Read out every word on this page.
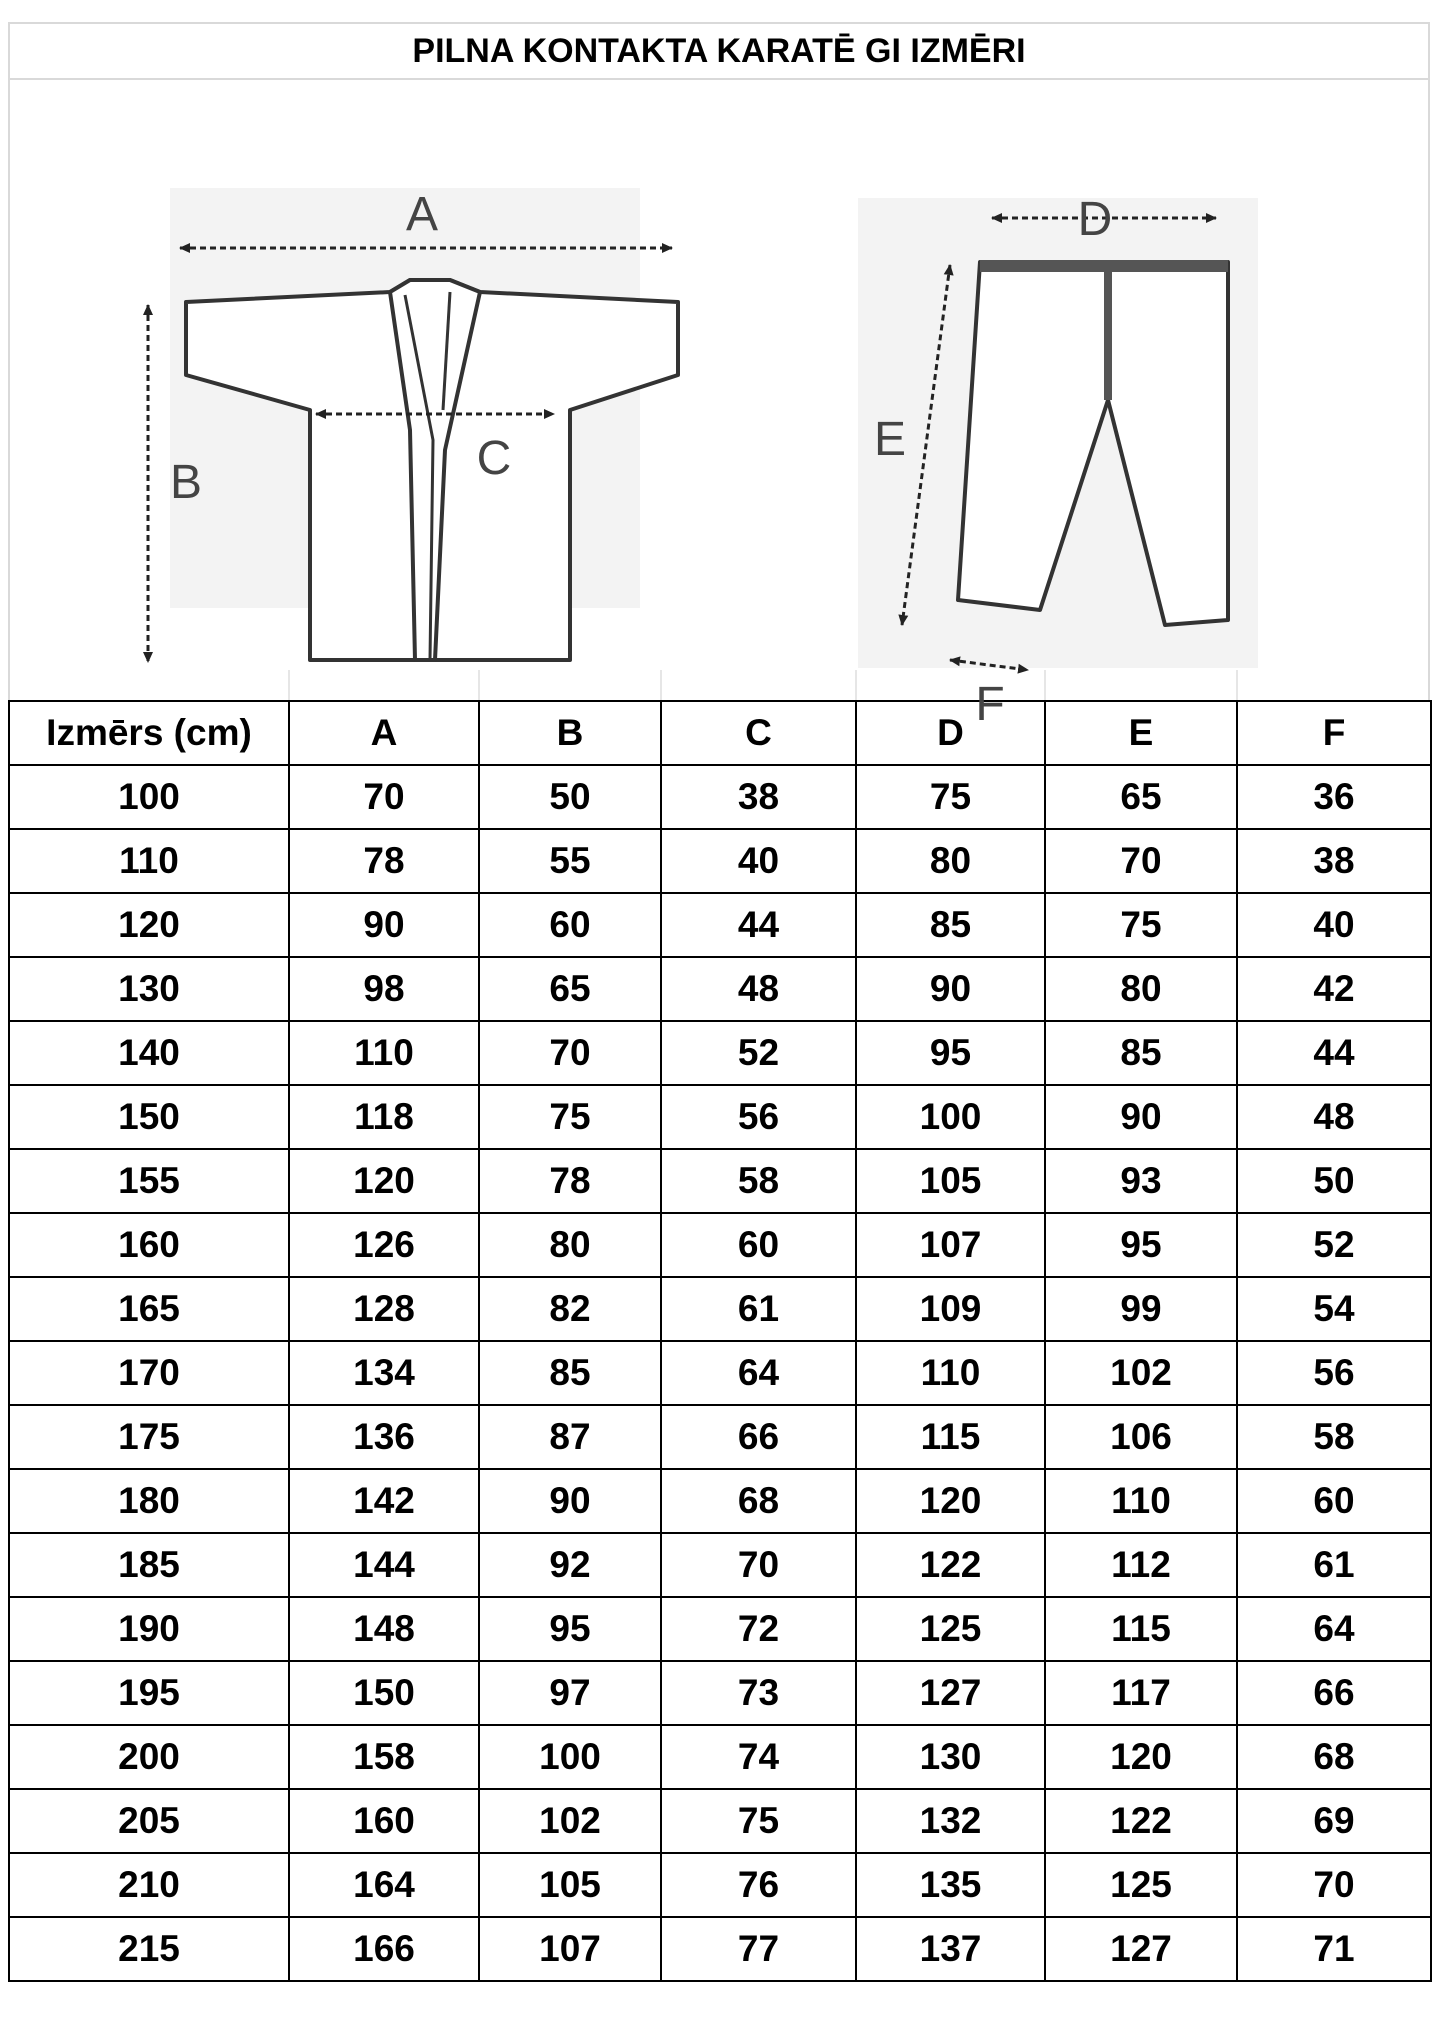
PILNA KONTAKTA KARATĒ GI IZMĒRI
A
B	C
D
E
F
Izmērs (cm)	A	B	C	D	E	F
100	70	50	38	75	65	36
110	78	55	40	80	70	38
120	90	60	44	85	75	40
130	98	65	48	90	80	42
140	110	70	52	95	85	44
150	118	75	56	100	90	48
155	120	78	58	105	93	50
160	126	80	60	107	95	52
165	128	82	61	109	99	54
170	134	85	64	110	102	56
175	136	87	66	115	106	58
180	142	90	68	120	110	60
185	144	92	70	122	112	61
190	148	95	72	125	115	64
195	150	97	73	127	117	66
200	158	100	74	130	120	68
205	160	102	75	132	122	69
210	164	105	76	135	125	70
215	166	107	77	137	127	71
